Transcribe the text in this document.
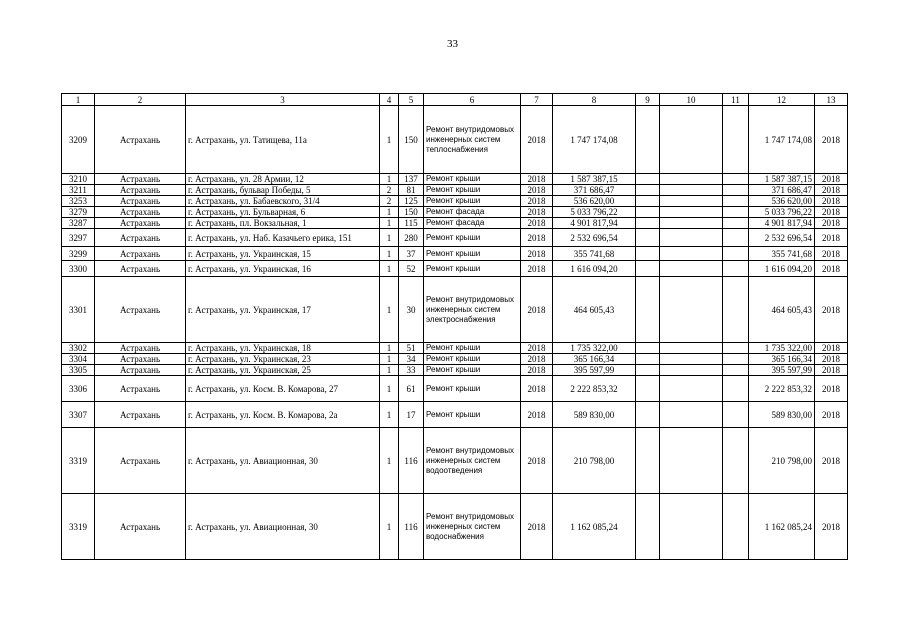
33
1	2	3	4	5	6	7	8	9	10	11	12	13
3209	Астрахань	г. Астрахань, ул. Татищева, 11а	1	150	Ремонт внутридомовых инженерных систем теплоснабжения	2018	1 747 174,08				1 747 174,08	2018
3210	Астрахань	г. Астрахань, ул. 28 Армии, 12	1	137	Ремонт крыши	2018	1 587 387,15				1 587 387,15	2018
3211	Астрахань	г. Астрахань, бульвар Победы, 5	2	81	Ремонт крыши	2018	371 686,47				371 686,47	2018
3253	Астрахань	г. Астрахань, ул. Бабаевского, 31/4	2	125	Ремонт крыши	2018	536 620,00				536 620,00	2018
3279	Астрахань	г. Астрахань, ул. Бульварная, 6	1	150	Ремонт фасада	2018	5 033 796,22				5 033 796,22	2018
3287	Астрахань	г. Астрахань, пл. Вокзальная, 1	1	115	Ремонт фасада	2018	4 901 817,94				4 901 817,94	2018
3297	Астрахань	г. Астрахань, ул. Наб. Казачьего ерика, 151	1	280	Ремонт крыши	2018	2 532 696,54				2 532 696,54	2018
3299	Астрахань	г. Астрахань, ул. Украинская, 15	1	37	Ремонт крыши	2018	355 741,68				355 741,68	2018
3300	Астрахань	г. Астрахань, ул. Украинская, 16	1	52	Ремонт крыши	2018	1 616 094,20				1 616 094,20	2018
3301	Астрахань	г. Астрахань, ул. Украинская, 17	1	30	Ремонт внутридомовых инженерных систем электроснабжения	2018	464 605,43				464 605,43	2018
3302	Астрахань	г. Астрахань, ул. Украинская, 18	1	51	Ремонт крыши	2018	1 735 322,00				1 735 322,00	2018
3304	Астрахань	г. Астрахань, ул. Украинская, 23	1	34	Ремонт крыши	2018	365 166,34				365 166,34	2018
3305	Астрахань	г. Астрахань, ул. Украинская, 25	1	33	Ремонт крыши	2018	395 597,99				395 597,99	2018
3306	Астрахань	г. Астрахань, ул. Косм. В. Комарова, 27	1	61	Ремонт крыши	2018	2 222 853,32				2 222 853,32	2018
3307	Астрахань	г. Астрахань, ул. Косм. В. Комарова, 2а	1	17	Ремонт крыши	2018	589 830,00				589 830,00	2018
3319	Астрахань	г. Астрахань, ул. Авиационная, 30	1	116	Ремонт внутридомовых инженерных систем водоотведения	2018	210 798,00				210 798,00	2018
3319	Астрахань	г. Астрахань, ул. Авиационная, 30	1	116	Ремонт внутридомовых инженерных систем водоснабжения	2018	1 162 085,24				1 162 085,24	2018
